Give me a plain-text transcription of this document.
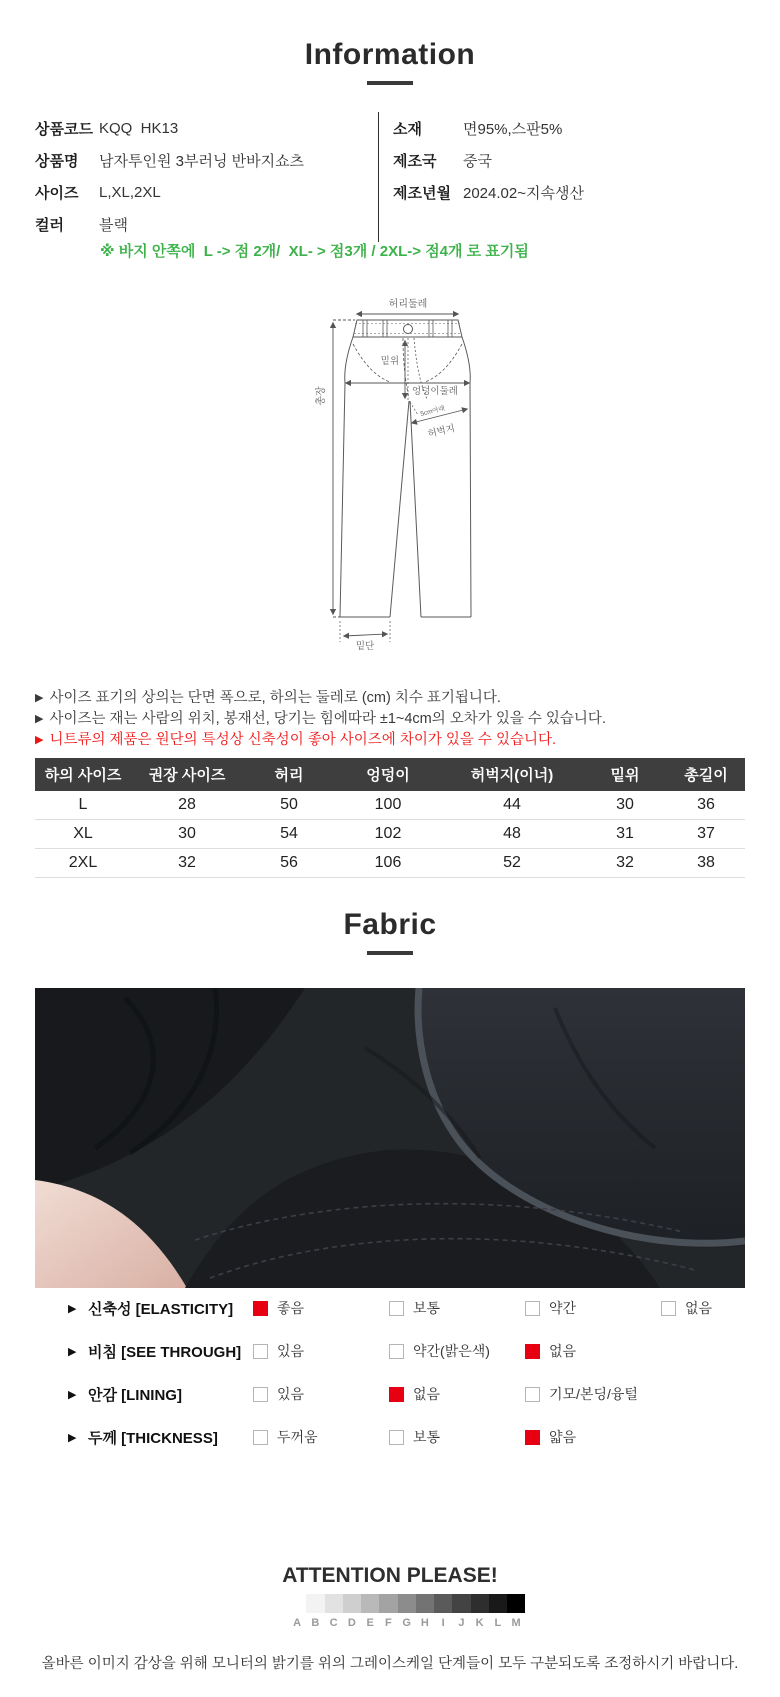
Information
상품코드 KQQ  HK13
상품명	남자투인원 3부러닝 반바지쇼츠
사이즈	L,XL,2XL
컬러	블랙
소재	면95%,스판5%
제조국	중국
제조년월 2024.02~지속생산
※ 바지 안쪽에  L -> 점 2개/  XL- > 점3개 / 2XL-> 점4개 로 표기됨
허리둘레
총장
밑위
엉덩이둘레
5cm아래
허벅지
밑단
▶ 사이즈 표기의 상의는 단면 폭으로, 하의는 둘레로 (cm) 치수 표기됩니다.
▶ 사이즈는 재는 사람의 위치, 봉재선, 당기는 힘에따라 ±1~4cm의 오차가 있을 수 있습니다.
▶ 니트류의 제품은 원단의 특성상 신축성이 좋아 사이즈에 차이가 있을 수 있습니다.
하의 사이즈	권장 사이즈	허리	엉덩이	허벅지(이너)	밑위	총길이
L	28	50	100	44	30	36
XL	30	54	102	48	31	37
2XL	32	56	106	52	32	38
Fabric
▶ 신축성 [ELASTICITY]	좋음	보통	약간	없음
▶ 비침 [SEE THROUGH]	있음	약간(밝은색)	없음
▶ 안감 [LINING]	있음	없음	기모/본딩/융털
▶ 두께 [THICKNESS]	두꺼움	보통	얇음
ATTENTION PLEASE!
A B C D E	F G H	I	J	K L M
올바른 이미지 감상을 위해 모니터의 밝기를 위의 그레이스케일 단계들이 모두 구분되도록 조정하시기 바랍니다.
